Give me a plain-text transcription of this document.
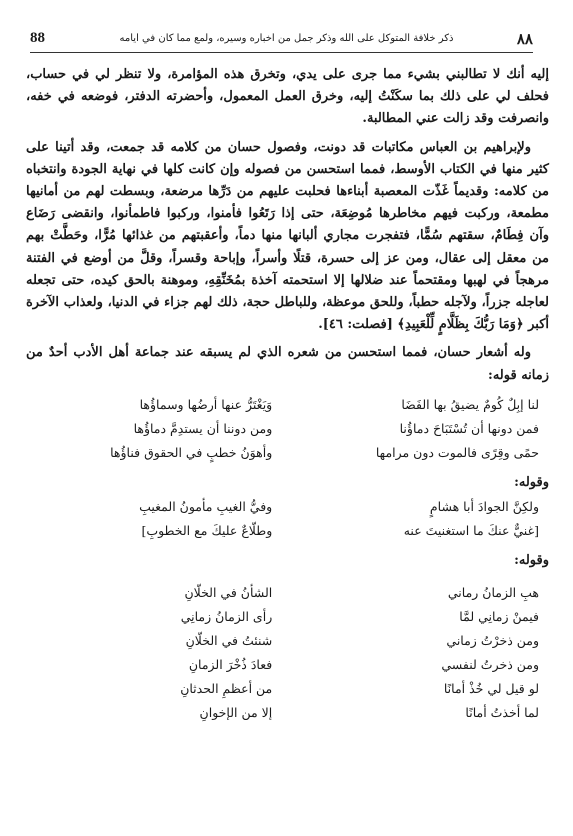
٨٨
ذكر خلافة المتوكل على الله وذكر جمل من أخباره وسيره، ولمع مما كان في أيامه
88

إليه أنك لا تطالبني بشيء مما جرى على يدي، وتخرق هذه المؤامرة، ولا تنظر لي في حساب، فحلف لي على ذلك بما سكَنْتُ إليه، وخرق العمل المعمول، وأحضرته الدفتر، فوضعه في خفه، وانصرفت وقد زالت عني المطالبة.

ولإبراهيم بن العباس مكاتبات قد دونت، وفصول حسان من كلامه قد جمعت، وقد أتينا على كثير منها في الكتاب الأوسط، فمما استحسن من فصوله وإن كانت كلها في نهاية الجودة وانتخباه من كلامه: وقديماً غَذّت المعصبة أبناءها فحلبت عليهم من دَرِّها مرضعة، وبسطت لهم من أمانيها مطمعة، وركبت فيهم مخاطرها مُوضِعَة، حتى إذا رَتَعُوا فأمنوا، وركبوا فاطمأنوا، وانقضى رَضَاع وآن فِطَامٌ، سقتهم سُمًّا، فتفجرت مجاري ألبانها منها دماً، وأعقبتهم من غذائها مُرًّا، وحَطَّتْ بهم من معقل إلى عقال، ومن عز إلى حسرة، قتلًا وأسراً، وإباحة وقسراً، وقلَّ من أوضع في الفتنة مرهجاً في لهبها ومقتحماً عند ضلالها إلا استحمته آخذة بمُخَنِّقِهِ، وموهنة بالحق كيده، حتى تجعله لعاجله جزراً، ولآجله حطباً، وللحق موعظة، وللباطل حجة، ذلك لهم جزاء في الدنيا، ولعذاب الآخرة أكبر ﴿وَمَا رَبُّكَ بِظَلَّامٍ لِّلْعَبِيدِ﴾ [فصلت: ٤٦].

وله أشعار حسان، فمما استحسن من شعره الذي لم يسبقه عند جماعة أهل الأدب أحدٌ من زمانه قوله:

لنا إبِلٌ كُومٌ يضيقُ بها الفَضَا
وَيَغْتَرُّ عنها أرضُها وسماؤُها
فمن دونها أن تُسْتَبَاحَ دماؤُنا
ومن دوننا أن يستدِمَّ دماؤُها
حمًى وقِرًى فالموت دون مرامها
وأهوَنُ خطبٍ في الحقوق فناؤُها
وقوله:
ولكِنَّ الجوادَ أبا هشامٍ
وفيُّ الغيبِ مأمونُ المغيبِ
[غنيٌّ عنكَ ما استغنيتَ عنه
وطلّاعٌ عليكَ مع الخطوبِ]
وقوله:
هبِ الزمانُ رماني
الشأنُ في الخلّانِ
فيمنْ زمانِي لمَّا
رأى الزمانُ زمانِي
ومن ذخرْتُ زماني
شنئتُ في الخلّانِ
ومن ذخرتُ لنفسي
فعادَ ذُخْرَ الزمانِ
لو قيل لي خُذْ أمانًا
من أعظمِ الحدثانِ
لما أخذتُ أمانًا
إلا من الإخوانِ
